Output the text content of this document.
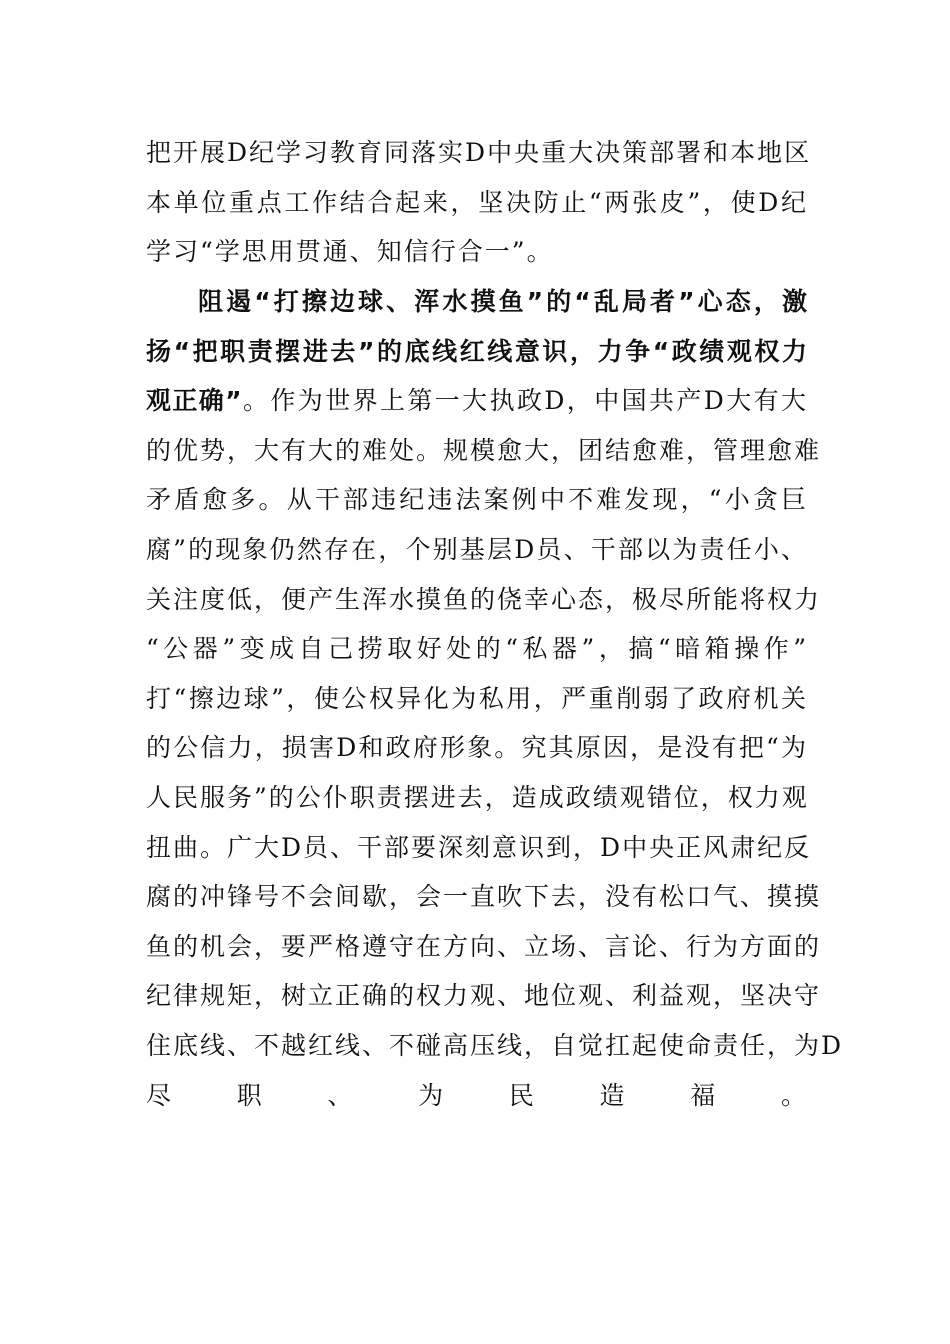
把开展D纪学习教育同落实D中央重大决策部署和本地区
本单位重点工作结合起来，坚决防止“两张皮”，使D纪
学习“学思用贯通、知信行合一”。
阻遏“打擦边球、浑水摸鱼”的“乱局者”心态，激
扬“把职责摆进去”的底线红线意识，力争“政绩观权力
观正确”。作为世界上第一大执政D，中国共产D大有大
的优势，大有大的难处。规模愈大，团结愈难，管理愈难
矛盾愈多。从干部违纪违法案例中不难发现，“小贪巨
腐”的现象仍然存在，个别基层D员、干部以为责任小、
关注度低，便产生浑水摸鱼的侥幸心态，极尽所能将权力
“公器”变成自己捞取好处的“私器”，搞“暗箱操作”
打“擦边球”，使公权异化为私用，严重削弱了政府机关
的公信力，损害D和政府形象。究其原因，是没有把“为
人民服务”的公仆职责摆进去，造成政绩观错位，权力观
扭曲。广大D员、干部要深刻意识到，D中央正风肃纪反
腐的冲锋号不会间歇，会一直吹下去，没有松口气、摸摸
鱼的机会，要严格遵守在方向、立场、言论、行为方面的
纪律规矩，树立正确的权力观、地位观、利益观，坚决守
住底线、不越红线、不碰高压线，自觉扛起使命责任，为D
尽职、为民造福。
